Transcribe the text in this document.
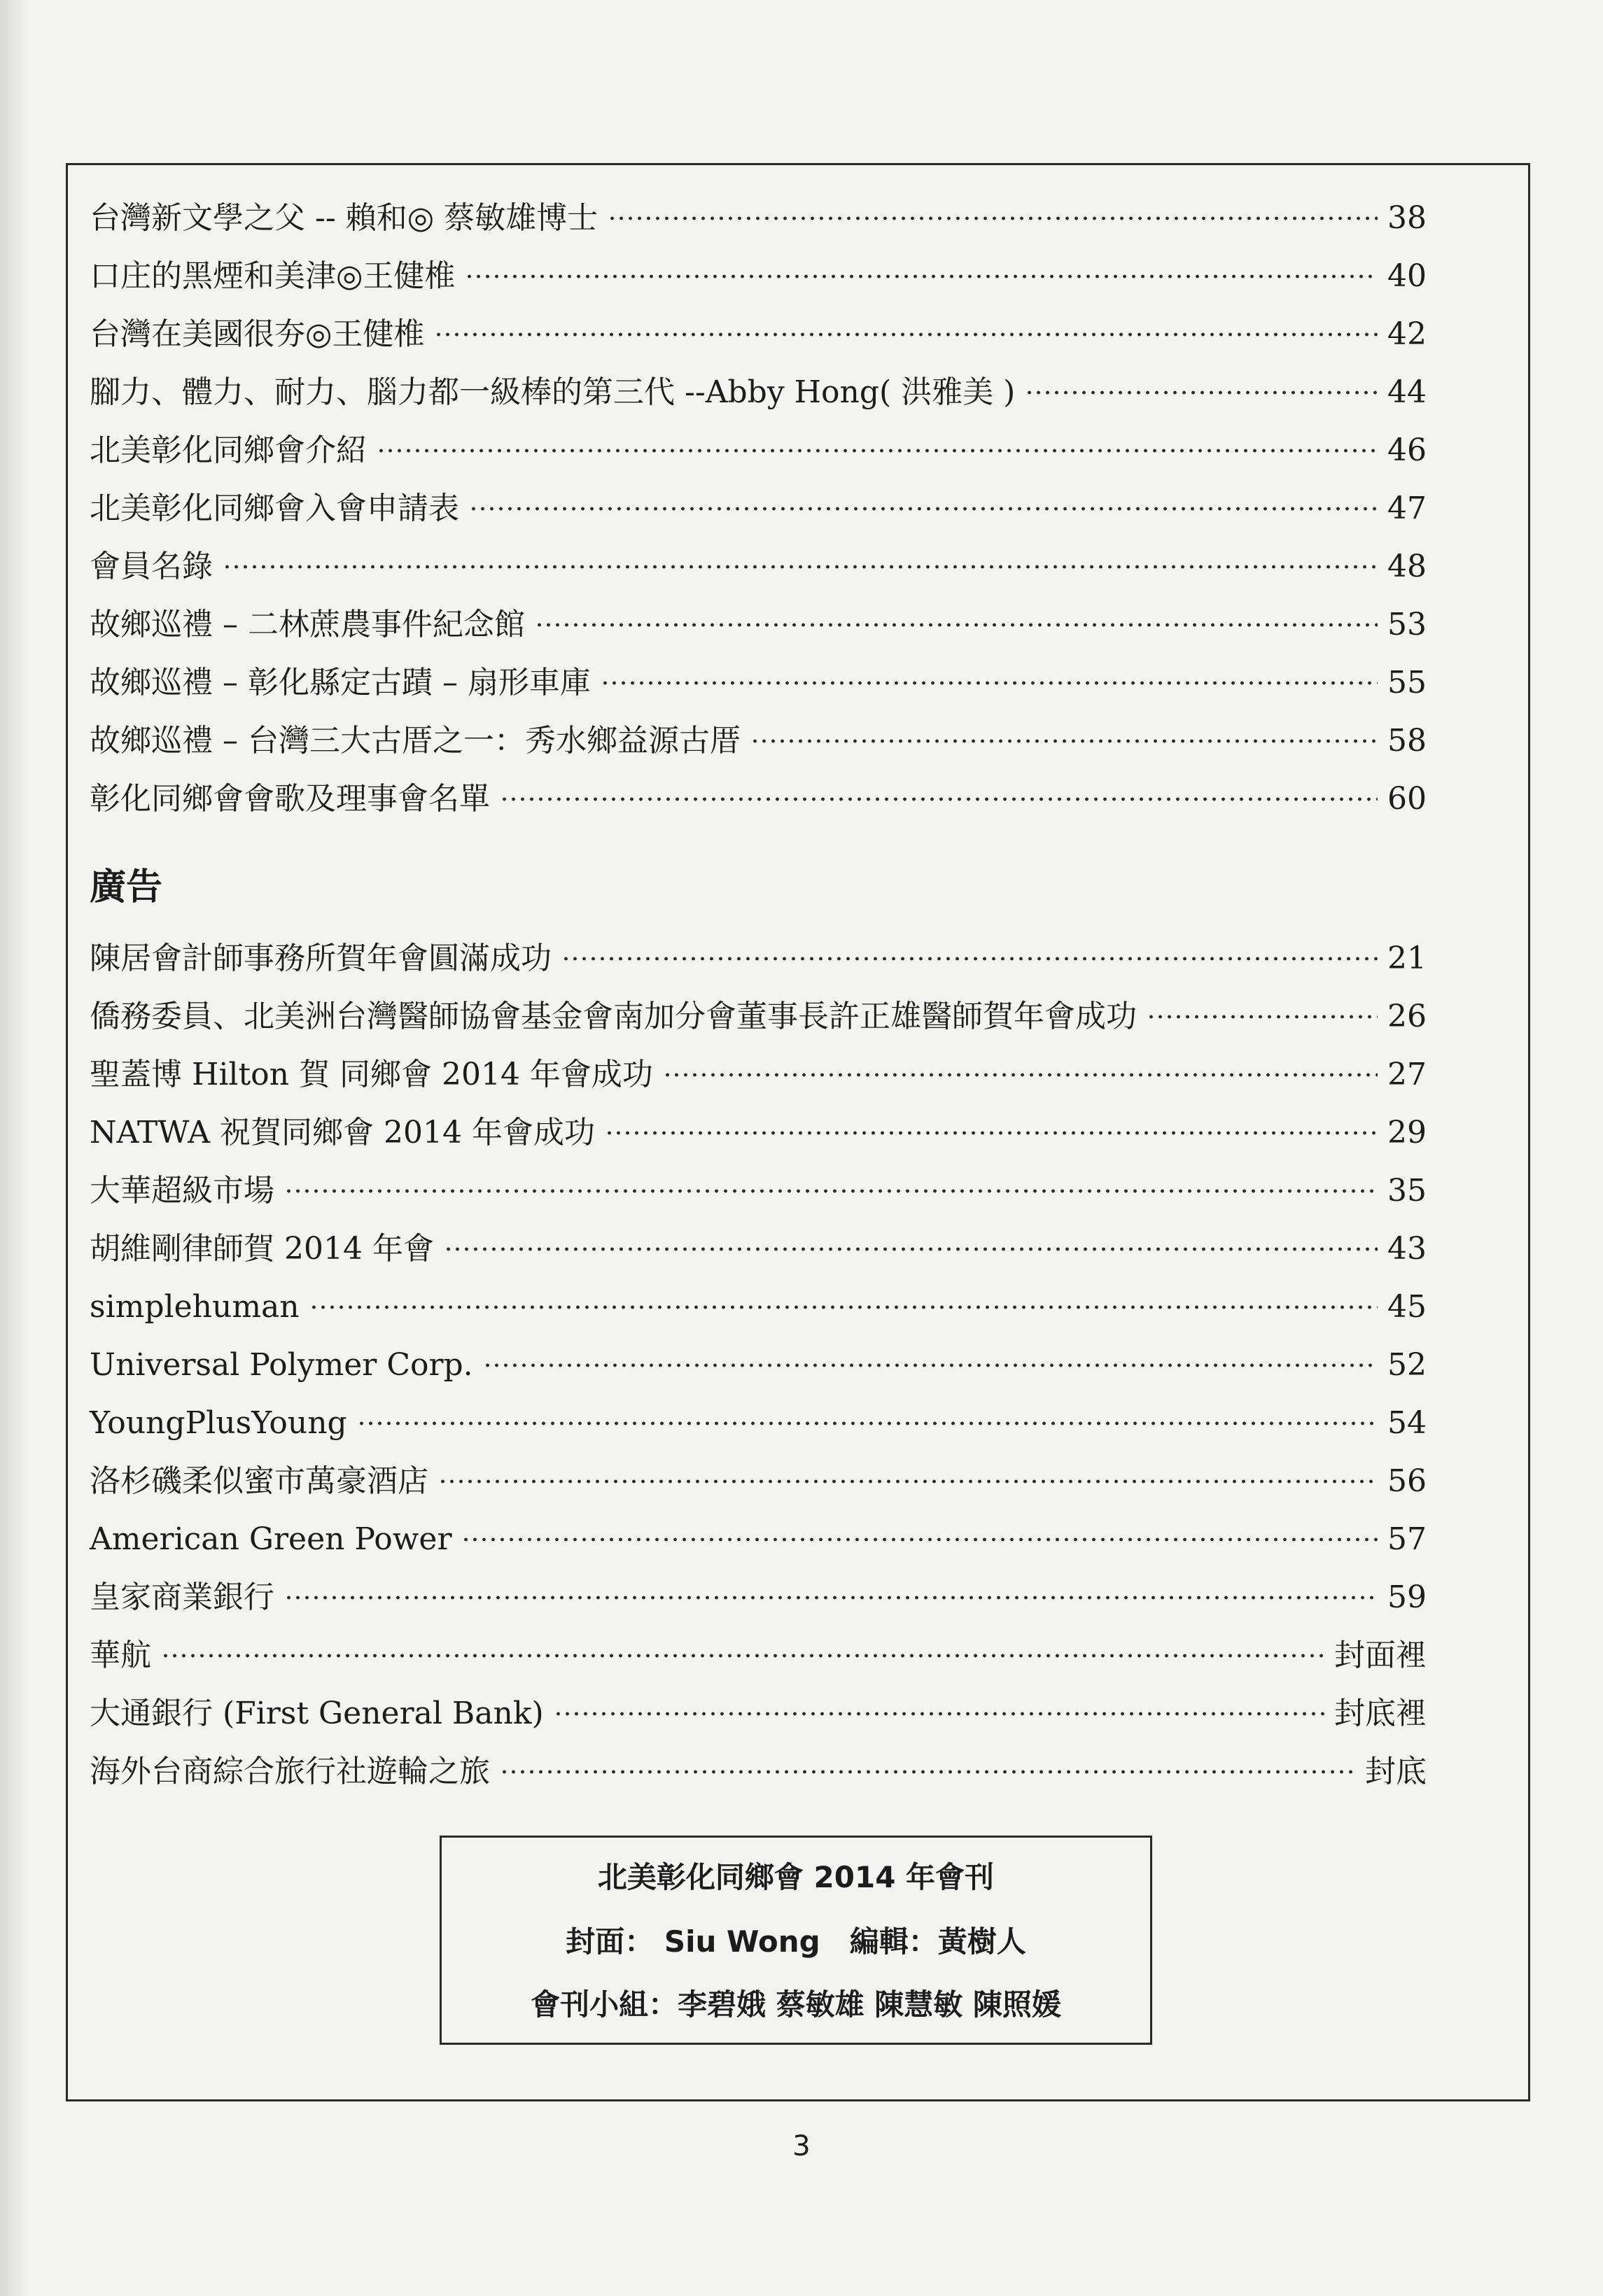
台灣新文學之父 -- 賴和◎ 蔡敏雄博士	38
口庄的黑煙和美津◎王健椎	40
台灣在美國很夯◎王健椎	42
腳力、體力、耐力、腦力都一級棒的第三代 --Abby Hong( 洪雅美 )	44
北美彰化同鄉會介紹	46
北美彰化同鄉會入會申請表	47
會員名錄	48
故鄉巡禮 – 二林蔗農事件紀念館	53
故鄉巡禮 – 彰化縣定古蹟 – 扇形車庫	55
故鄉巡禮 – 台灣三大古厝之一：秀水鄉益源古厝	58
彰化同鄉會會歌及理事會名單	60
廣告
陳居會計師事務所賀年會圓滿成功	21
僑務委員、北美洲台灣醫師協會基金會南加分會董事長許正雄醫師賀年會成功	26
聖蓋博 Hilton 賀 同鄉會 2014 年會成功	27
NATWA 祝賀同鄉會 2014 年會成功	29
大華超級市場	35
胡維剛律師賀 2014 年會	43
simplehuman	45
Universal Polymer Corp.	52
YoungPlusYoung	54
洛杉磯柔似蜜市萬豪酒店	56
American Green Power	57
皇家商業銀行	59
華航	封面裡
大通銀行 (First General Bank)	封底裡
海外台商綜合旅行社遊輪之旅	封底
北美彰化同鄉會 2014 年會刊
封面： Siu Wong　編輯：黃樹人
會刊小組：李碧娥 蔡敏雄 陳慧敏 陳照媛
3
